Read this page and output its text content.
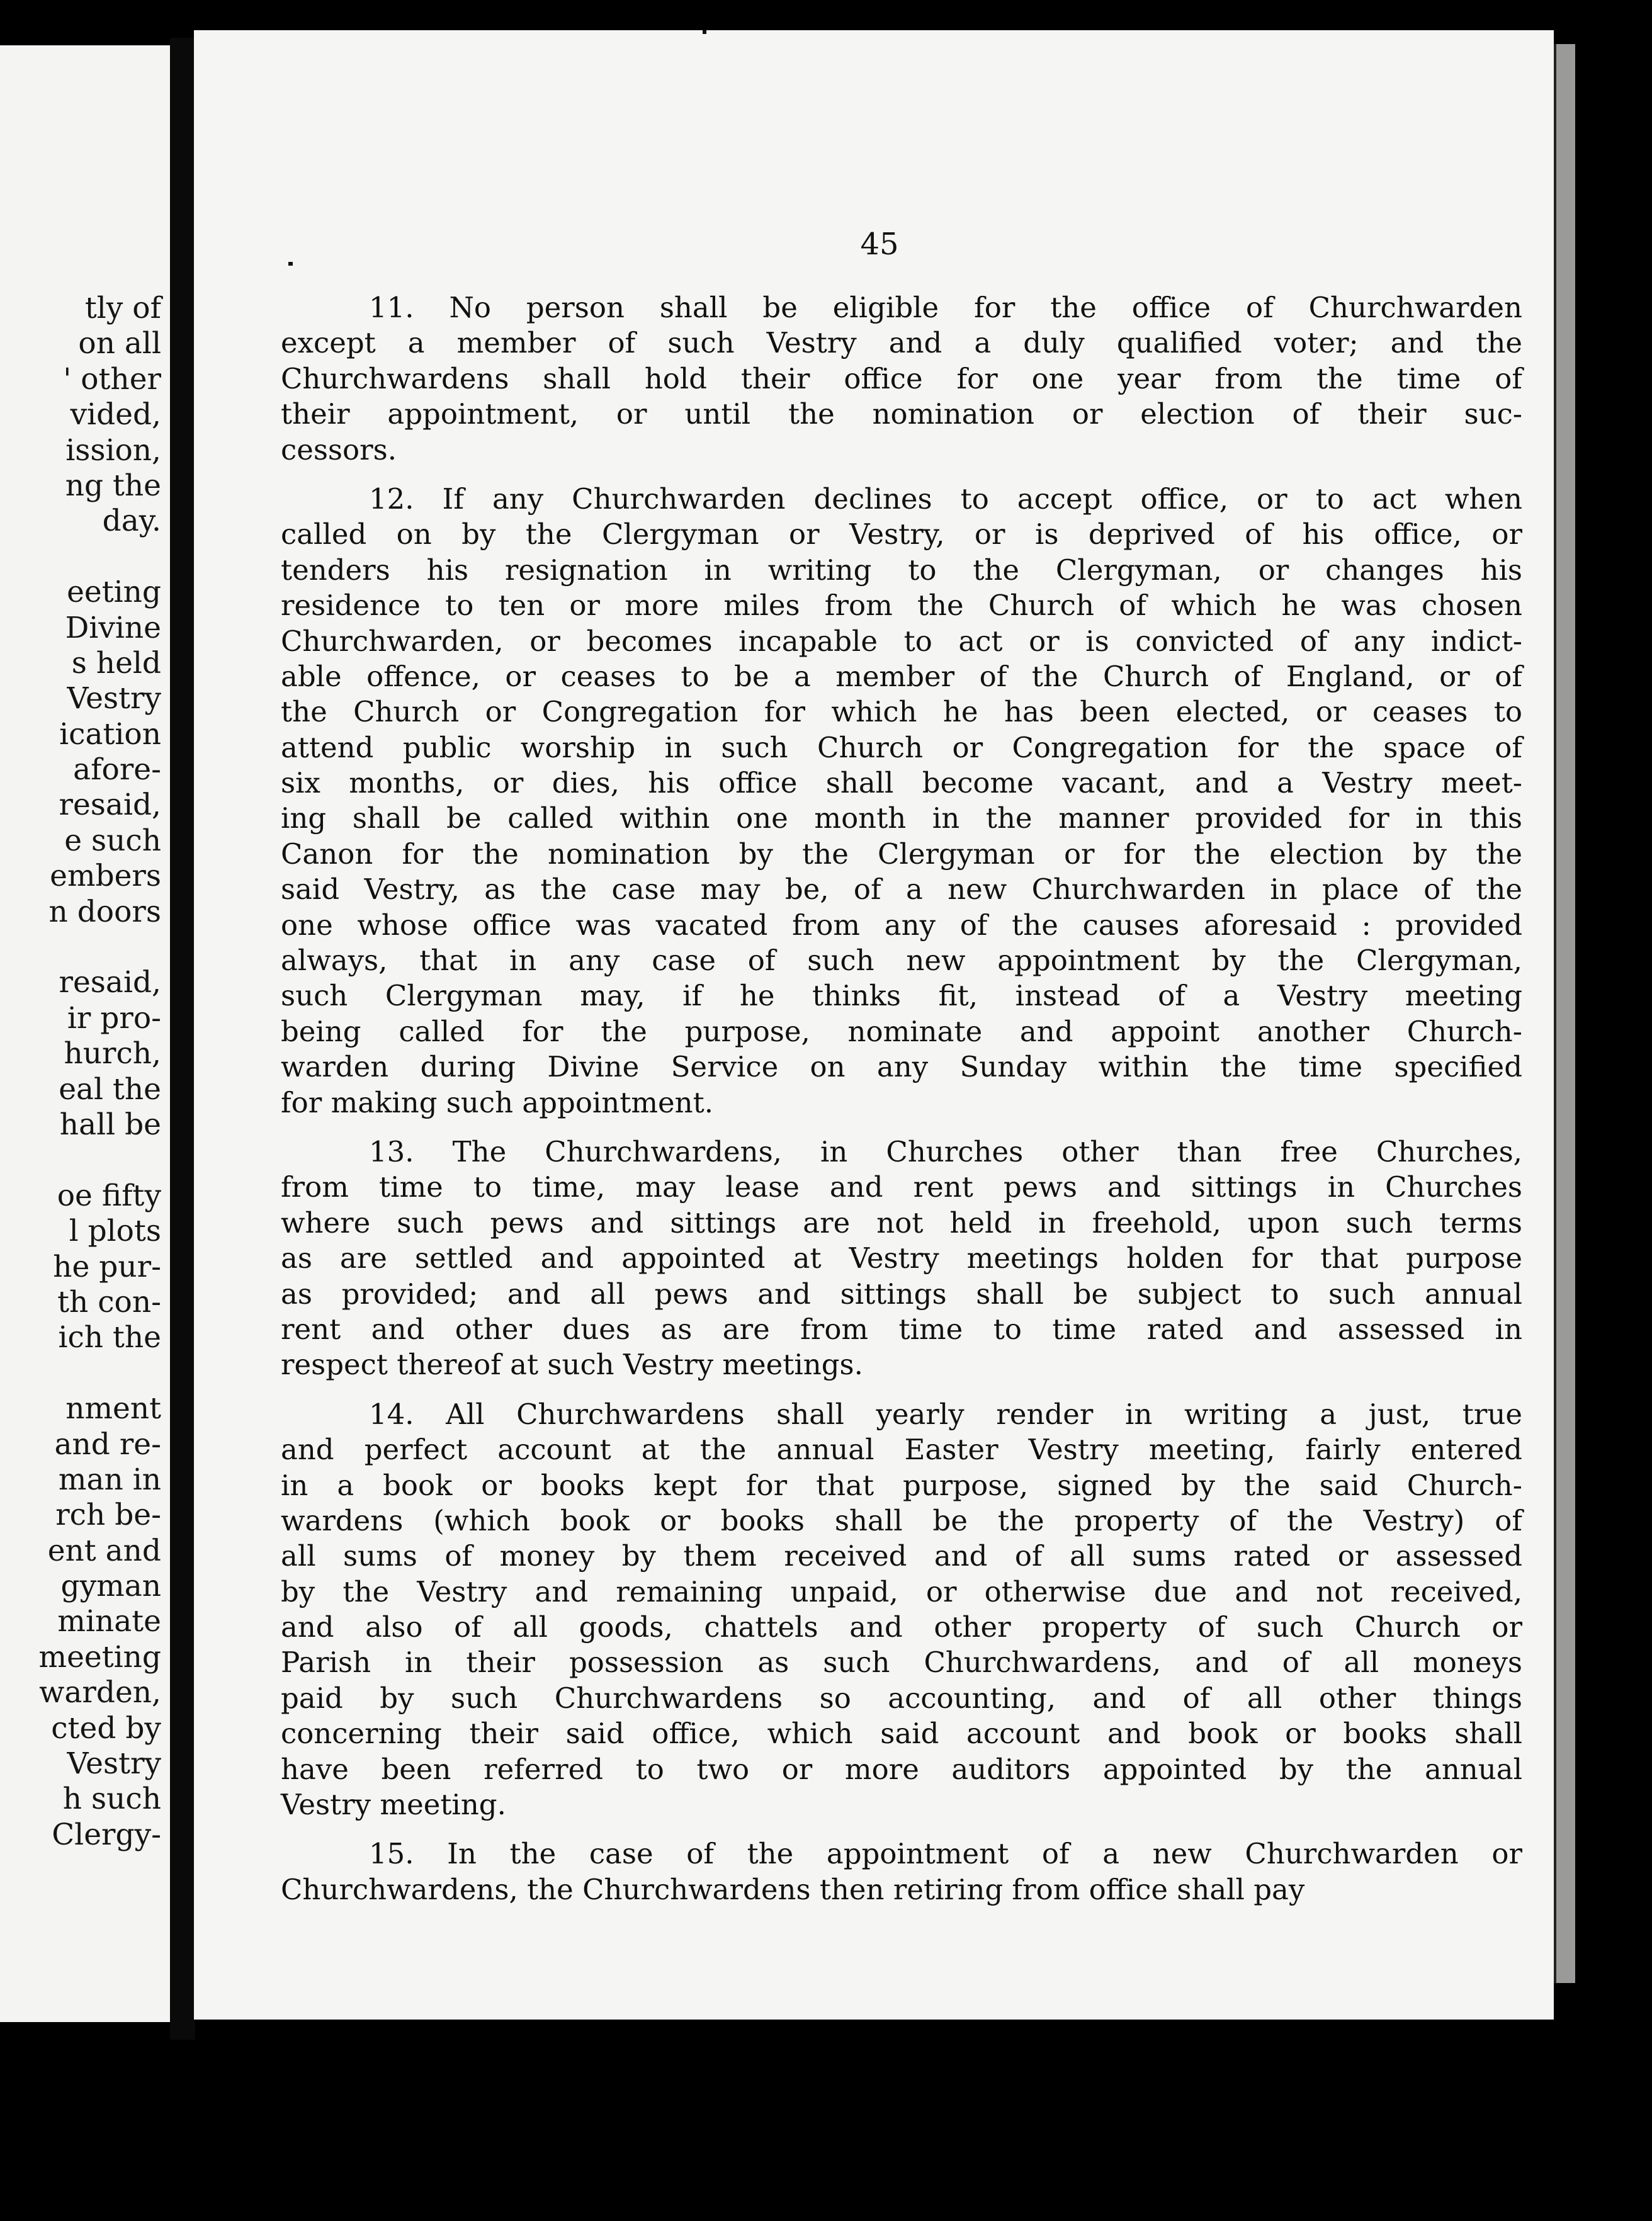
tly of
on all
' other
vided,
ission,
ng the
day.
eeting
Divine
s held
Vestry
ication
afore-
resaid,
e such
embers
n doors
resaid,
ir pro-
hurch,
eal the
hall be
oe fifty
l plots
he pur-
th con-
ich the
nment
and re-
man in
rch be-
ent and
gyman
minate
meeting
warden,
cted by
Vestry
h such
Clergy-
45
11. No person shall be eligible for the office of Churchwarden
except a member of such Vestry and a duly qualified voter; and the
Churchwardens shall hold their office for one year from the time of
their appointment, or until the nomination or election of their suc-
cessors.
12. If any Churchwarden declines to accept office, or to act when
called on by the Clergyman or Vestry, or is deprived of his office, or
tenders his resignation in writing to the Clergyman, or changes his
residence to ten or more miles from the Church of which he was chosen
Churchwarden, or becomes incapable to act or is convicted of any indict-
able offence, or ceases to be a member of the Church of England, or of
the Church or Congregation for which he has been elected, or ceases to
attend public worship in such Church or Congregation for the space of
six months, or dies, his office shall become vacant, and a Vestry meet-
ing shall be called within one month in the manner provided for in this
Canon for the nomination by the Clergyman or for the election by the
said Vestry, as the case may be, of a new Churchwarden in place of the
one whose office was vacated from any of the causes aforesaid : provided
always, that in any case of such new appointment by the Clergyman,
such Clergyman may, if he thinks fit, instead of a Vestry meeting
being called for the purpose, nominate and appoint another Church-
warden during Divine Service on any Sunday within the time specified
for making such appointment.
13. The Churchwardens, in Churches other than free Churches,
from time to time, may lease and rent pews and sittings in Churches
where such pews and sittings are not held in freehold, upon such terms
as are settled and appointed at Vestry meetings holden for that purpose
as provided; and all pews and sittings shall be subject to such annual
rent and other dues as are from time to time rated and assessed in
respect thereof at such Vestry meetings.
14. All Churchwardens shall yearly render in writing a just, true
and perfect account at the annual Easter Vestry meeting, fairly entered
in a book or books kept for that purpose, signed by the said Church-
wardens (which book or books shall be the property of the Vestry) of
all sums of money by them received and of all sums rated or assessed
by the Vestry and remaining unpaid, or otherwise due and not received,
and also of all goods, chattels and other property of such Church or
Parish in their possession as such Churchwardens, and of all moneys
paid by such Churchwardens so accounting, and of all other things
concerning their said office, which said account and book or books shall
have been referred to two or more auditors appointed by the annual
Vestry meeting.
15. In the case of the appointment of a new Churchwarden or
Churchwardens, the Churchwardens then retiring from office shall pay
